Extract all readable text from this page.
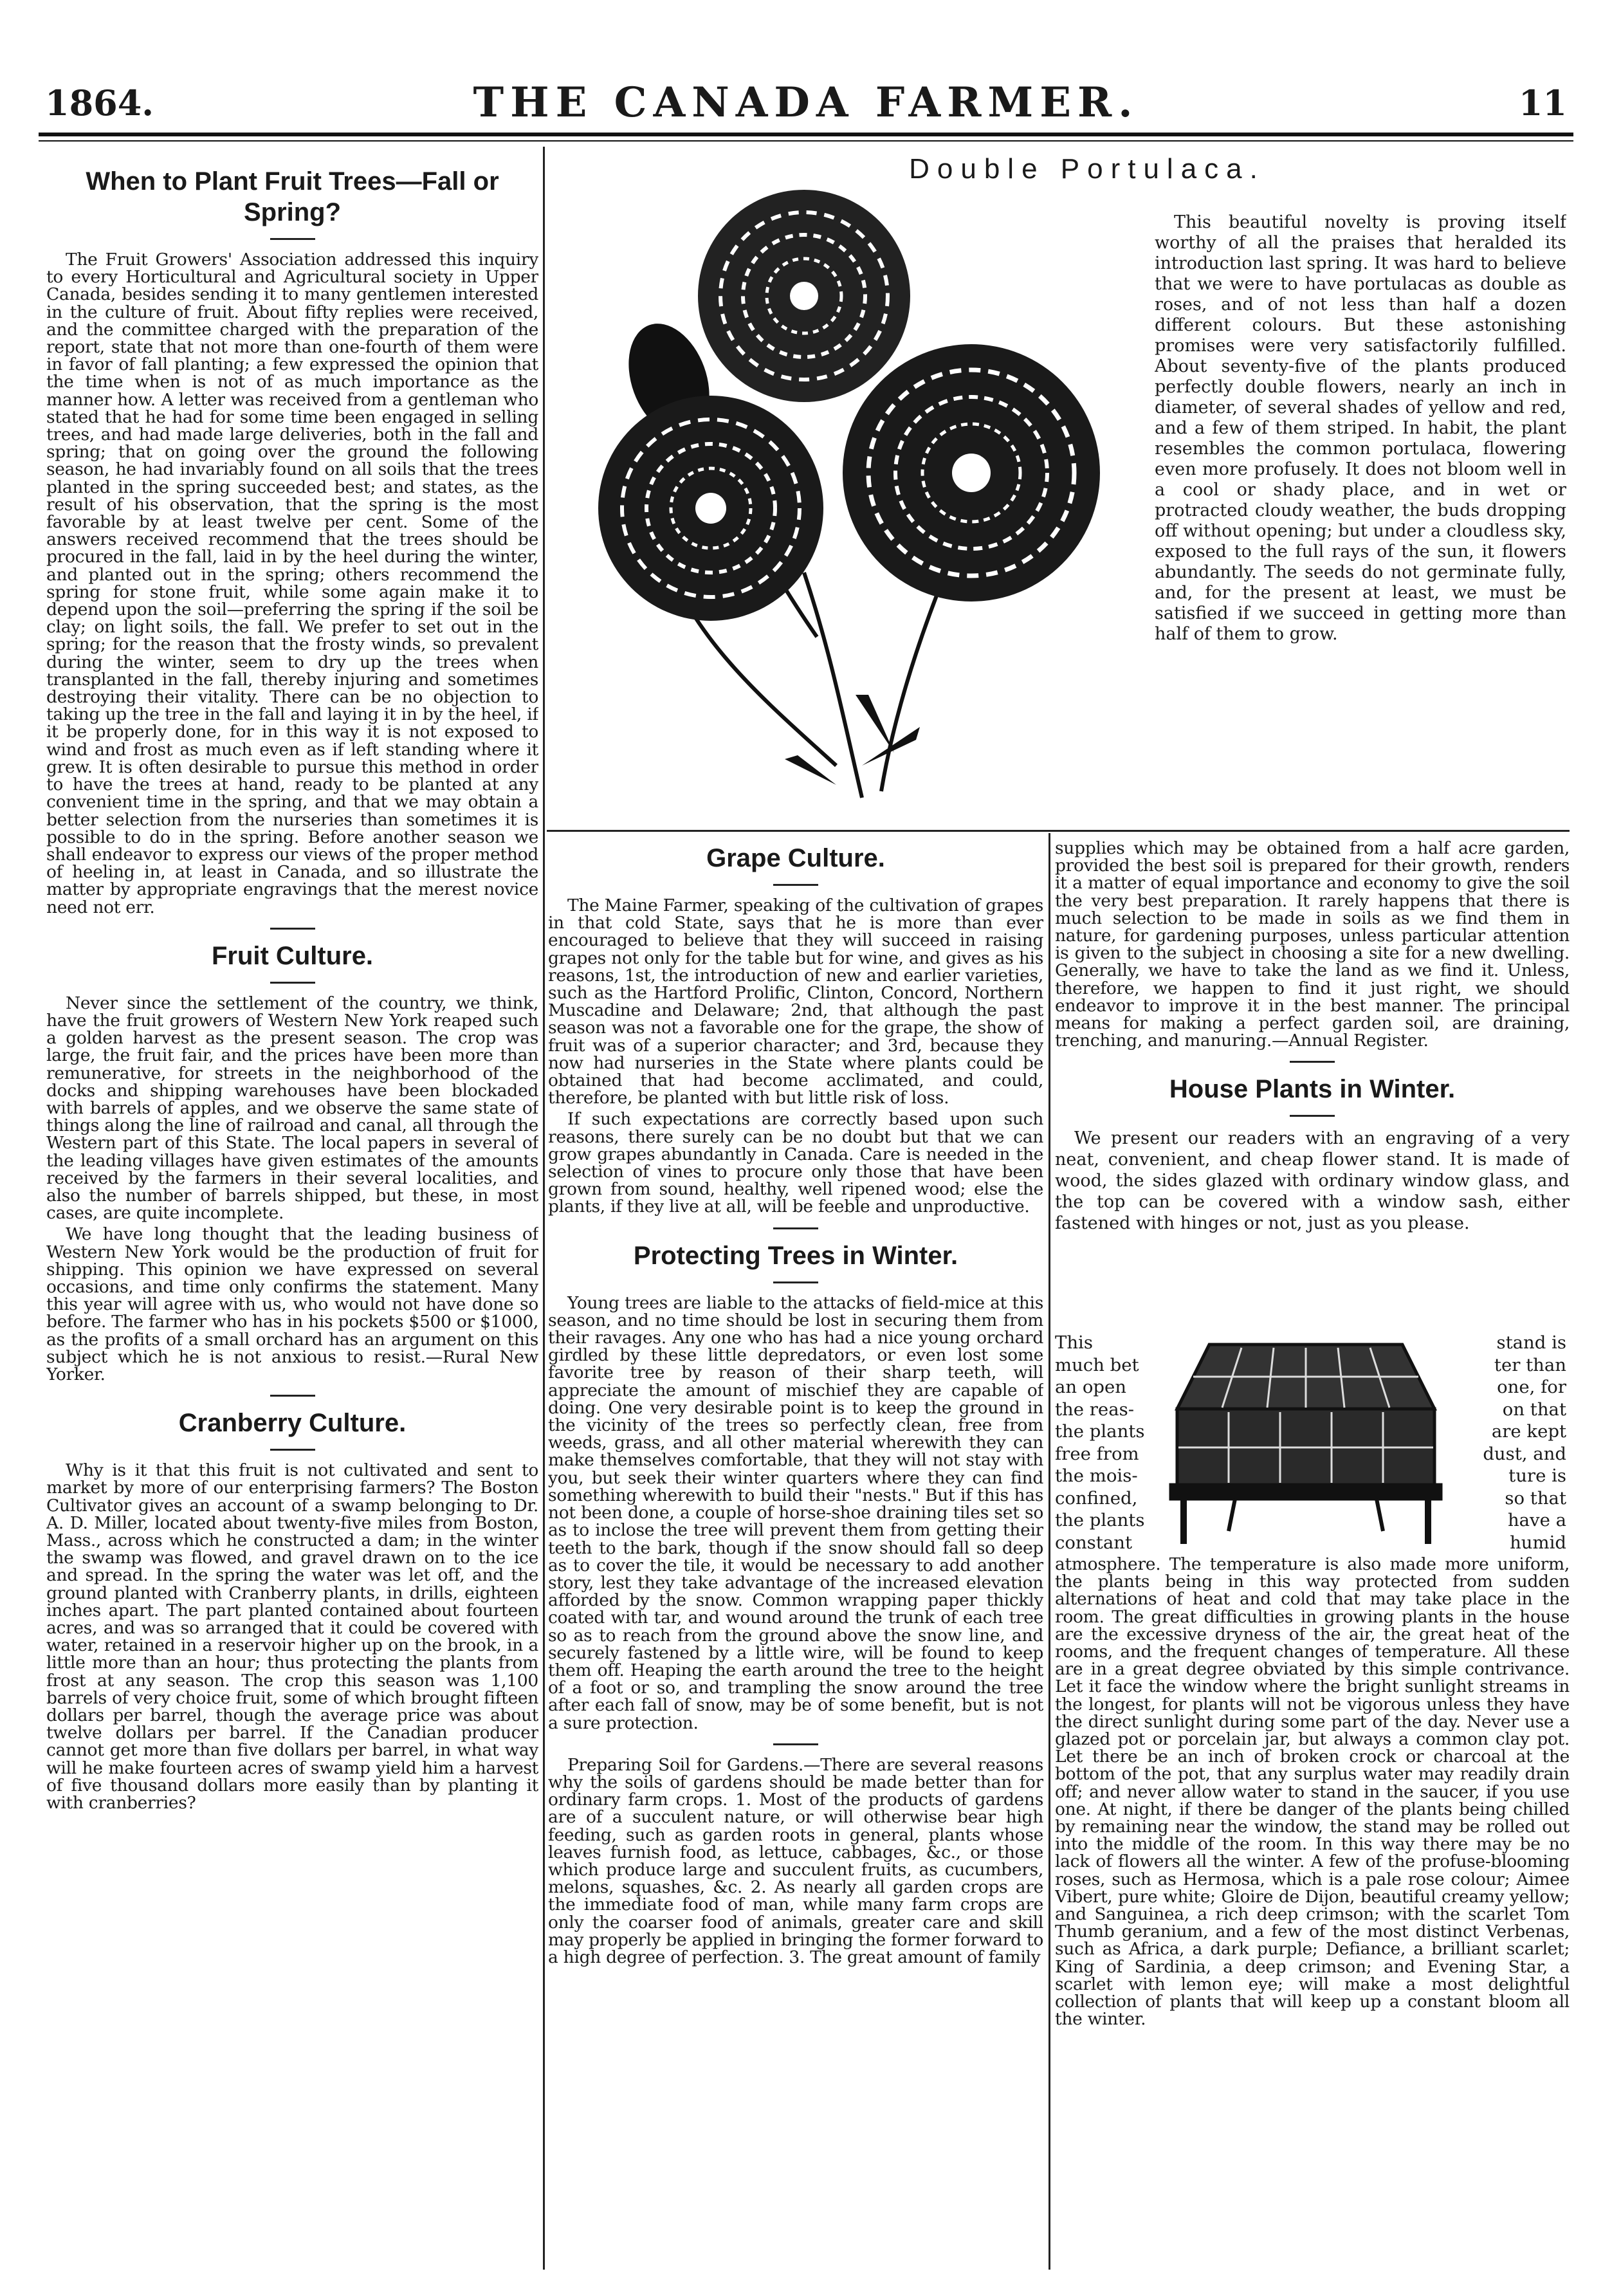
1864.	THE CANADA FARMER.	11
When to Plant Fruit Trees—Fall or Spring?

The Fruit Growers' Association addressed this inquiry to every Horticultural and Agricultural society in Upper Canada, besides sending it to many gentlemen interested in the culture of fruit. About fifty replies were received, and the committee charged with the preparation of the report, state that not more than one-fourth of them were in favor of fall planting; a few expressed the opinion that the time when is not of as much importance as the manner how. A letter was received from a gentleman who stated that he had for some time been engaged in selling trees, and had made large deliveries, both in the fall and spring; that on going over the ground the following season, he had invariably found on all soils that the trees planted in the spring succeeded best; and states, as the result of his observation, that the spring is the most favorable by at least twelve per cent. Some of the answers received recommend that the trees should be procured in the fall, laid in by the heel during the winter, and planted out in the spring; others recommend the spring for stone fruit, while some again make it to depend upon the soil—preferring the spring if the soil be clay; on light soils, the fall. We prefer to set out in the spring; for the reason that the frosty winds, so prevalent during the winter, seem to dry up the trees when transplanted in the fall, thereby injuring and sometimes destroying their vitality. There can be no objection to taking up the tree in the fall and laying it in by the heel, if it be properly done, for in this way it is not exposed to wind and frost as much even as if left standing where it grew. It is often desirable to pursue this method in order to have the trees at hand, ready to be planted at any convenient time in the spring, and that we may obtain a better selection from the nurseries than sometimes it is possible to do in the spring. Before another season we shall endeavor to express our views of the proper method of heeling in, at least in Canada, and so illustrate the matter by appropriate engravings that the merest novice need not err.

Fruit Culture.

Never since the settlement of the country, we think, have the fruit growers of Western New York reaped such a golden harvest as the present season. The crop was large, the fruit fair, and the prices have been more than remunerative, for streets in the neighborhood of the docks and shipping warehouses have been blockaded with barrels of apples, and we observe the same state of things along the line of railroad and canal, all through the Western part of this State. The local papers in several of the leading villages have given estimates of the amounts received by the farmers in their several localities, and also the number of barrels shipped, but these, in most cases, are quite incomplete.

We have long thought that the leading business of Western New York would be the production of fruit for shipping. This opinion we have expressed on several occasions, and time only confirms the statement. Many this year will agree with us, who would not have done so before. The farmer who has in his pockets $500 or $1000, as the profits of a small orchard has an argument on this subject which he is not anxious to resist.—Rural New Yorker.

Cranberry Culture.

Why is it that this fruit is not cultivated and sent to market by more of our enterprising farmers? The Boston Cultivator gives an account of a swamp belonging to Dr. A. D. Miller, located about twenty-five miles from Boston, Mass., across which he constructed a dam; in the winter the swamp was flowed, and gravel drawn on to the ice and spread. In the spring the water was let off, and the ground planted with Cranberry plants, in drills, eighteen inches apart. The part planted contained about fourteen acres, and was so arranged that it could be covered with water, retained in a reservoir higher up on the brook, in a little more than an hour; thus protecting the plants from frost at any season. The crop this season was 1,100 barrels of very choice fruit, some of which brought fifteen dollars per barrel, though the average price was about twelve dollars per barrel. If the Canadian producer cannot get more than five dollars per barrel, in what way will he make fourteen acres of swamp yield him a harvest of five thousand dollars more easily than by planting it with cranberries?

Double Portulaca.

This beautiful novelty is proving itself worthy of all the praises that heralded its introduction last spring. It was hard to believe that we were to have portulacas as double as roses, and of not less than half a dozen different colours. But these astonishing promises were very satisfactorily fulfilled. About seventy-five of the plants produced perfectly double flowers, nearly an inch in diameter, of several shades of yellow and red, and a few of them striped. In habit, the plant resembles the common portulaca, flowering even more profusely. It does not bloom well in a cool or shady place, and in wet or protracted cloudy weather, the buds dropping off without opening; but under a cloudless sky, exposed to the full rays of the sun, it flowers abundantly. The seeds do not germinate fully, and, for the present at least, we must be satisfied if we succeed in getting more than half of them to grow.

Grape Culture.

The Maine Farmer, speaking of the cultivation of grapes in that cold State, says that he is more than ever encouraged to believe that they will succeed in raising grapes not only for the table but for wine, and gives as his reasons, 1st, the introduction of new and earlier varieties, such as the Hartford Prolific, Clinton, Concord, Northern Muscadine and Delaware; 2nd, that although the past season was not a favorable one for the grape, the show of fruit was of a superior character; and 3rd, because they now had nurseries in the State where plants could be obtained that had become acclimated, and could, therefore, be planted with but little risk of loss.

If such expectations are correctly based upon such reasons, there surely can be no doubt but that we can grow grapes abundantly in Canada. Care is needed in the selection of vines to procure only those that have been grown from sound, healthy, well ripened wood; else the plants, if they live at all, will be feeble and unproductive.

Protecting Trees in Winter.

Young trees are liable to the attacks of field-mice at this season, and no time should be lost in securing them from their ravages. Any one who has had a nice young orchard girdled by these little depredators, or even lost some favorite tree by reason of their sharp teeth, will appreciate the amount of mischief they are capable of doing. One very desirable point is to keep the ground in the vicinity of the trees so perfectly clean, free from weeds, grass, and all other material wherewith they can make themselves comfortable, that they will not stay with you, but seek their winter quarters where they can find something wherewith to build their "nests." But if this has not been done, a couple of horse-shoe draining tiles set so as to inclose the tree will prevent them from getting their teeth to the bark, though if the snow should fall so deep as to cover the tile, it would be necessary to add another story, lest they take advantage of the increased elevation afforded by the snow. Common wrapping paper thickly coated with tar, and wound around the trunk of each tree so as to reach from the ground above the snow line, and securely fastened by a little wire, will be found to keep them off. Heaping the earth around the tree to the height of a foot or so, and trampling the snow around the tree after each fall of snow, may be of some benefit, but is not a sure protection.

Preparing Soil for Gardens.—There are several reasons why the soils of gardens should be made better than for ordinary farm crops. 1. Most of the products of gardens are of a succulent nature, or will otherwise bear high feeding, such as garden roots in general, plants whose leaves furnish food, as lettuce, cabbages, &c., or those which produce large and succulent fruits, as cucumbers, melons, squashes, &c. 2. As nearly all garden crops are the immediate food of man, while many farm crops are only the coarser food of animals, greater care and skill may properly be applied in bringing the former forward to a high degree of perfection. 3. The great amount of family

supplies which may be obtained from a half acre garden, provided the best soil is prepared for their growth, renders it a matter of equal importance and economy to give the soil the very best preparation. It rarely happens that there is much selection to be made in soils as we find them in nature, for gardening purposes, unless particular attention is given to the subject in choosing a site for a new dwelling. Generally, we have to take the land as we find it. Unless, therefore, we happen to find it just right, we should endeavor to improve it in the best manner. The principal means for making a perfect garden soil, are draining, trenching, and manuring.—Annual Register.

House Plants in Winter.

We present our readers with an engraving of a very neat, convenient, and cheap flower stand. It is made of wood, the sides glazed with ordinary window glass, and the top can be covered with a window sash, either fastened with hinges or not, just as you please.

This
much bet
an open
the reas-
the plants
free from
the mois-
confined,
the plants
constant
stand is
ter than
one, for
on that
are kept
dust, and
ture is
so that
have a
humid

atmosphere. The temperature is also made more uniform, the plants being in this way protected from sudden alternations of heat and cold that may take place in the room. The great difficulties in growing plants in the house are the excessive dryness of the air, the great heat of the rooms, and the frequent changes of temperature. All these are in a great degree obviated by this simple contrivance. Let it face the window where the bright sunlight streams in the longest, for plants will not be vigorous unless they have the direct sunlight during some part of the day. Never use a glazed pot or porcelain jar, but always a common clay pot. Let there be an inch of broken crock or charcoal at the bottom of the pot, that any surplus water may readily drain off; and never allow water to stand in the saucer, if you use one. At night, if there be danger of the plants being chilled by remaining near the window, the stand may be rolled out into the middle of the room. In this way there may be no lack of flowers all the winter. A few of the profuse-blooming roses, such as Hermosa, which is a pale rose colour; Aimee Vibert, pure white; Gloire de Dijon, beautiful creamy yellow; and Sanguinea, a rich deep crimson; with the scarlet Tom Thumb geranium, and a few of the most distinct Verbenas, such as Africa, a dark purple; Defiance, a brilliant scarlet; King of Sardinia, a deep crimson; and Evening Star, a scarlet with lemon eye; will make a most delightful collection of plants that will keep up a constant bloom all the winter.
